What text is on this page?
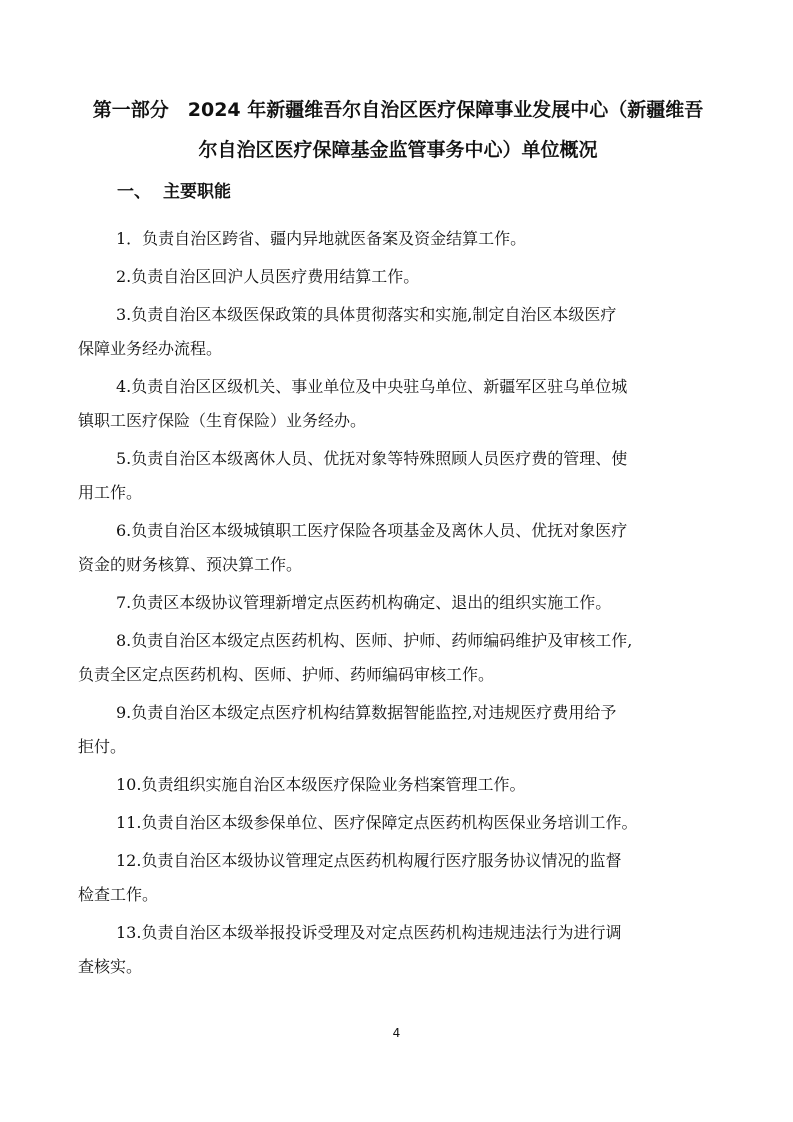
第一部分　2024 年新疆维吾尔自治区医疗保障事业发展中心（新疆维吾
尔自治区医疗保障基金监管事务中心）单位概况
一、 主要职能
1．负责自治区跨省、疆内异地就医备案及资金结算工作。
2.负责自治区回沪人员医疗费用结算工作。
3.负责自治区本级医保政策的具体贯彻落实和实施,制定自治区本级医疗
保障业务经办流程。
4.负责自治区区级机关、事业单位及中央驻乌单位、新疆军区驻乌单位城
镇职工医疗保险（生育保险）业务经办。
5.负责自治区本级离休人员、优抚对象等特殊照顾人员医疗费的管理、使
用工作。
6.负责自治区本级城镇职工医疗保险各项基金及离休人员、优抚对象医疗
资金的财务核算、预决算工作。
7.负责区本级协议管理新增定点医药机构确定、退出的组织实施工作。
8.负责自治区本级定点医药机构、医师、护师、药师编码维护及审核工作,
负责全区定点医药机构、医师、护师、药师编码审核工作。
9.负责自治区本级定点医疗机构结算数据智能监控,对违规医疗费用给予
拒付。
10.负责组织实施自治区本级医疗保险业务档案管理工作。
11.负责自治区本级参保单位、医疗保障定点医药机构医保业务培训工作。
12.负责自治区本级协议管理定点医药机构履行医疗服务协议情况的监督
检查工作。
13.负责自治区本级举报投诉受理及对定点医药机构违规违法行为进行调
查核实。
4
